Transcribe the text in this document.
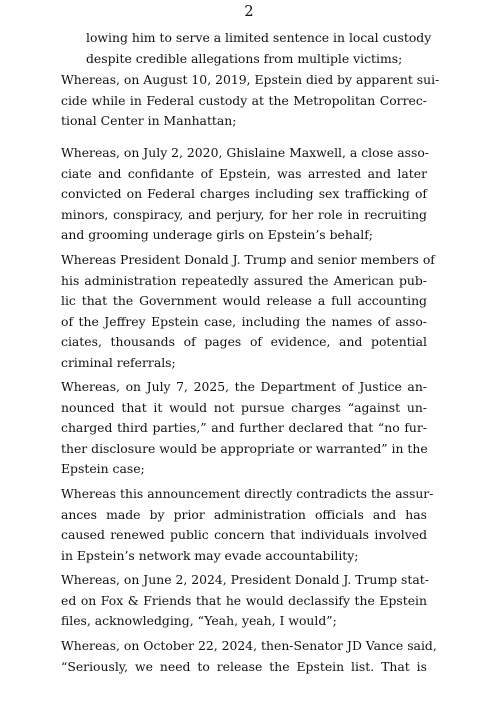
2

lowing him to serve a limited sentence in local custody
despite credible allegations from multiple victims;

Whereas, on August 10, 2019, Epstein died by apparent sui-
cide while in Federal custody at the Metropolitan Correc-
tional Center in Manhattan;

Whereas, on July 2, 2020, Ghislaine Maxwell, a close asso-
ciate and confidante of Epstein, was arrested and later
convicted on Federal charges including sex trafficking of
minors, conspiracy, and perjury, for her role in recruiting
and grooming underage girls on Epstein’s behalf;

Whereas President Donald J. Trump and senior members of
his administration repeatedly assured the American pub-
lic that the Government would release a full accounting
of the Jeffrey Epstein case, including the names of asso-
ciates, thousands of pages of evidence, and potential
criminal referrals;

Whereas, on July 7, 2025, the Department of Justice an-
nounced that it would not pursue charges “against un-
charged third parties,” and further declared that “no fur-
ther disclosure would be appropriate or warranted” in the
Epstein case;

Whereas this announcement directly contradicts the assur-
ances made by prior administration officials and has
caused renewed public concern that individuals involved
in Epstein’s network may evade accountability;

Whereas, on June 2, 2024, President Donald J. Trump stat-
ed on Fox & Friends that he would declassify the Epstein
files, acknowledging, “Yeah, yeah, I would”;

Whereas, on October 22, 2024, then-Senator JD Vance said,
“Seriously, we need to release the Epstein list. That is
